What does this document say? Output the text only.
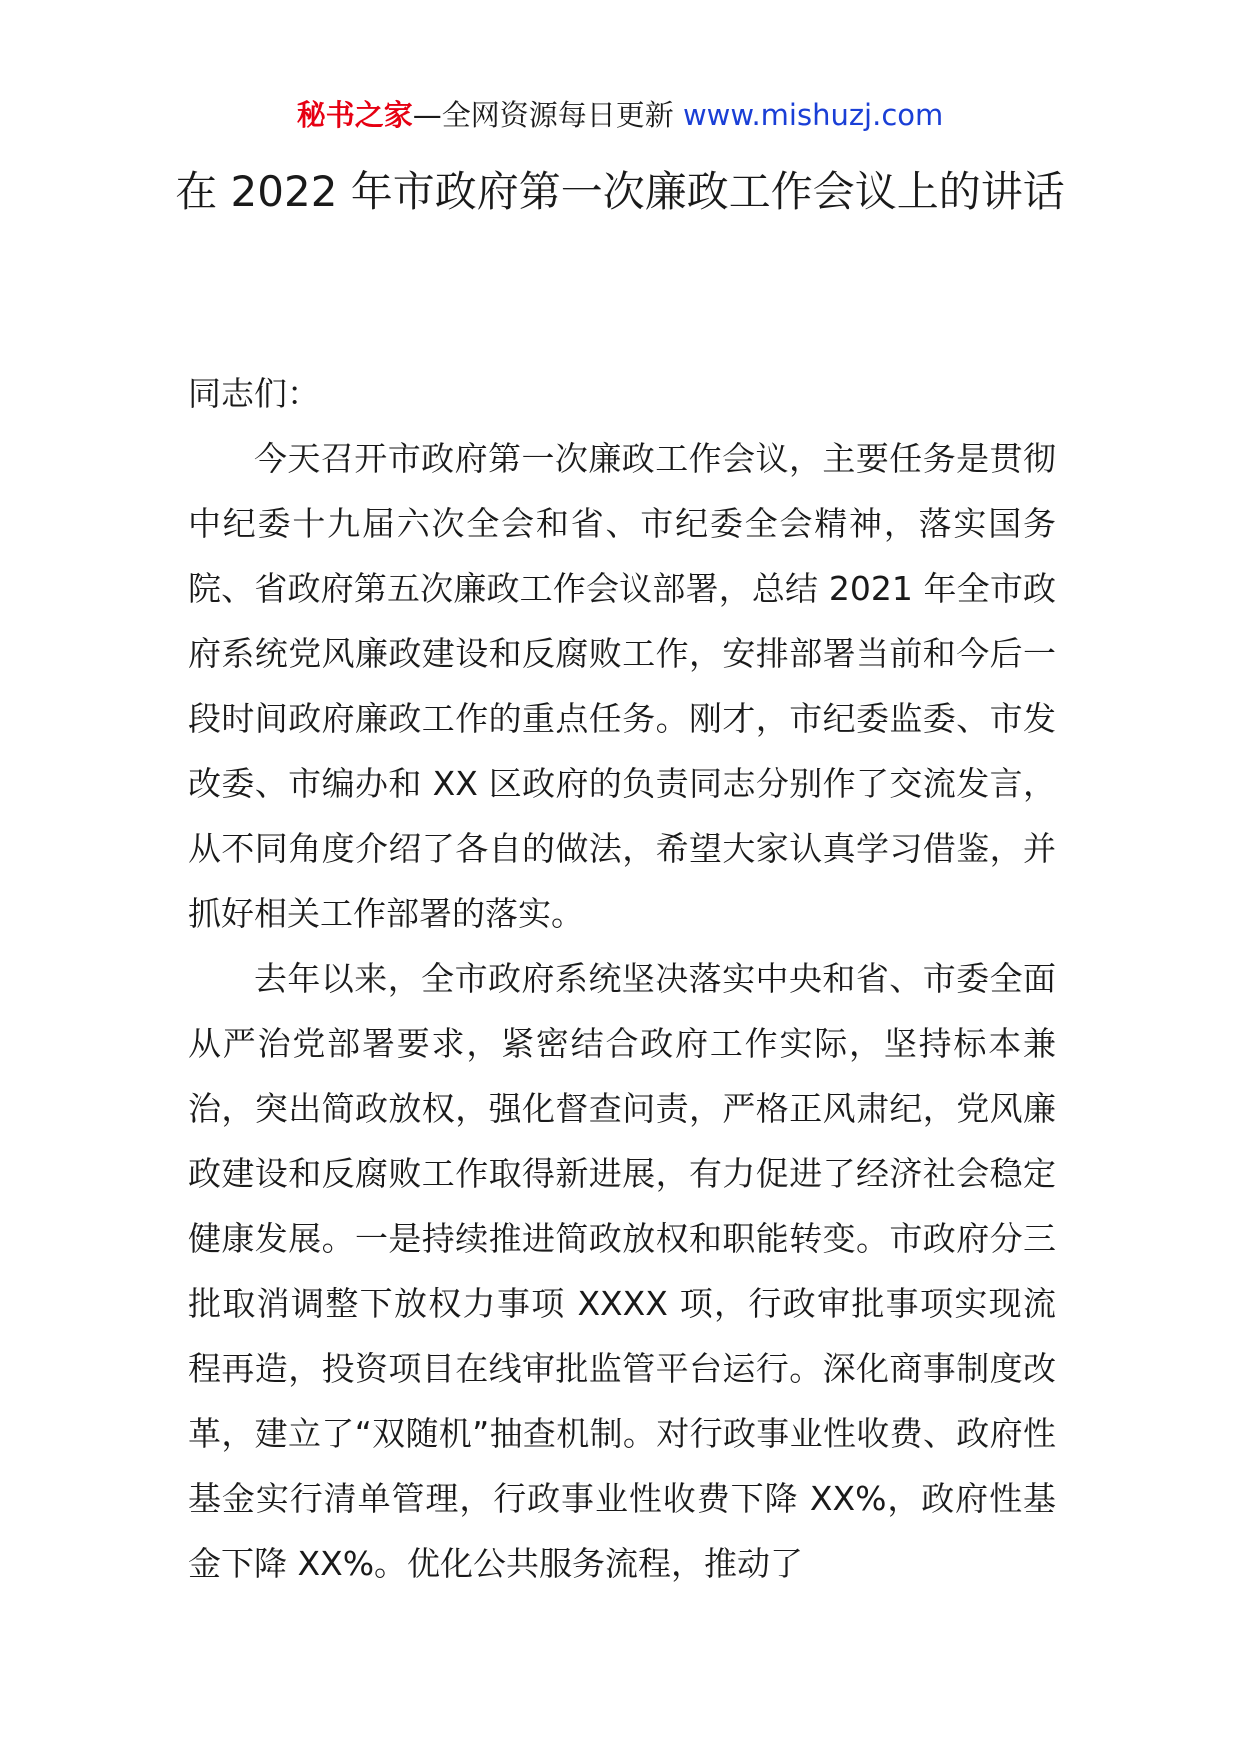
秘书之家—全网资源每日更新 www.mishuzj.com
在 2022 年市政府第一次廉政工作会议上的讲话

同志们：

今天召开市政府第一次廉政工作会议，主要任务是贯彻中纪委十九届六次全会和省、市纪委全会精神，落实国务院、省政府第五次廉政工作会议部署，总结 2021 年全市政府系统党风廉政建设和反腐败工作，安排部署当前和今后一段时间政府廉政工作的重点任务。刚才，市纪委监委、市发改委、市编办和 XX 区政府的负责同志分别作了交流发言，从不同角度介绍了各自的做法，希望大家认真学习借鉴，并抓好相关工作部署的落实。

去年以来，全市政府系统坚决落实中央和省、市委全面从严治党部署要求，紧密结合政府工作实际，坚持标本兼治，突出简政放权，强化督查问责，严格正风肃纪，党风廉政建设和反腐败工作取得新进展，有力促进了经济社会稳定健康发展。一是持续推进简政放权和职能转变。市政府分三批取消调整下放权力事项 XXXX 项，行政审批事项实现流程再造，投资项目在线审批监管平台运行。深化商事制度改革，建立了“双随机”抽查机制。对行政事业性收费、政府性基金实行清单管理，行政事业性收费下降 XX%，政府性基金下降 XX%。优化公共服务流程，推动了
